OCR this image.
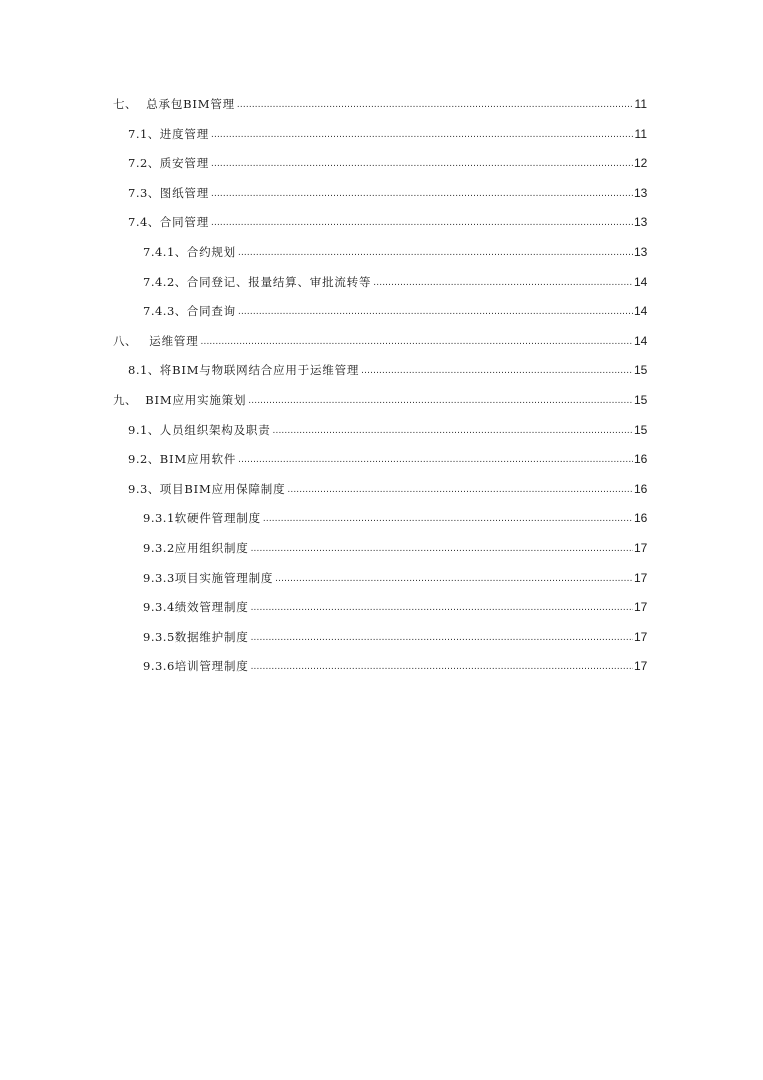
七、 总承包BIM管理 .....	11
7.1、 进度管理 .....	11
7.2、 质安管理 .....	12
7.3、 图纸管理 .....	13
7.4、 合同管理 .....	13
7.4.1、 合约规划 .....	13
7.4.2、 合同登记、报量结算、审批流转等 .....	14
7.4.3、 合同查询 .....	14
八、	运维管理 .....	14
8.1、 将BIM与物联网结合应用于运维管理 .....	15
九、 BIM应用实施策划 .....	15
9.1、 人员组织架构及职责 .....	15
9.2、 BIM应用软件 .....	16
9.3、 项目BIM应用保障制度 .....	16
9.3.1 软硬件管理制度 .....	16
9.3.2 应用组织制度 .....	17
9.3.3 项目实施管理制度 .....	17
9.3.4 绩效管理制度 .....	17
9.3.5 数据维护制度 .....	17
9.3.6 培训管理制度 .....	17
